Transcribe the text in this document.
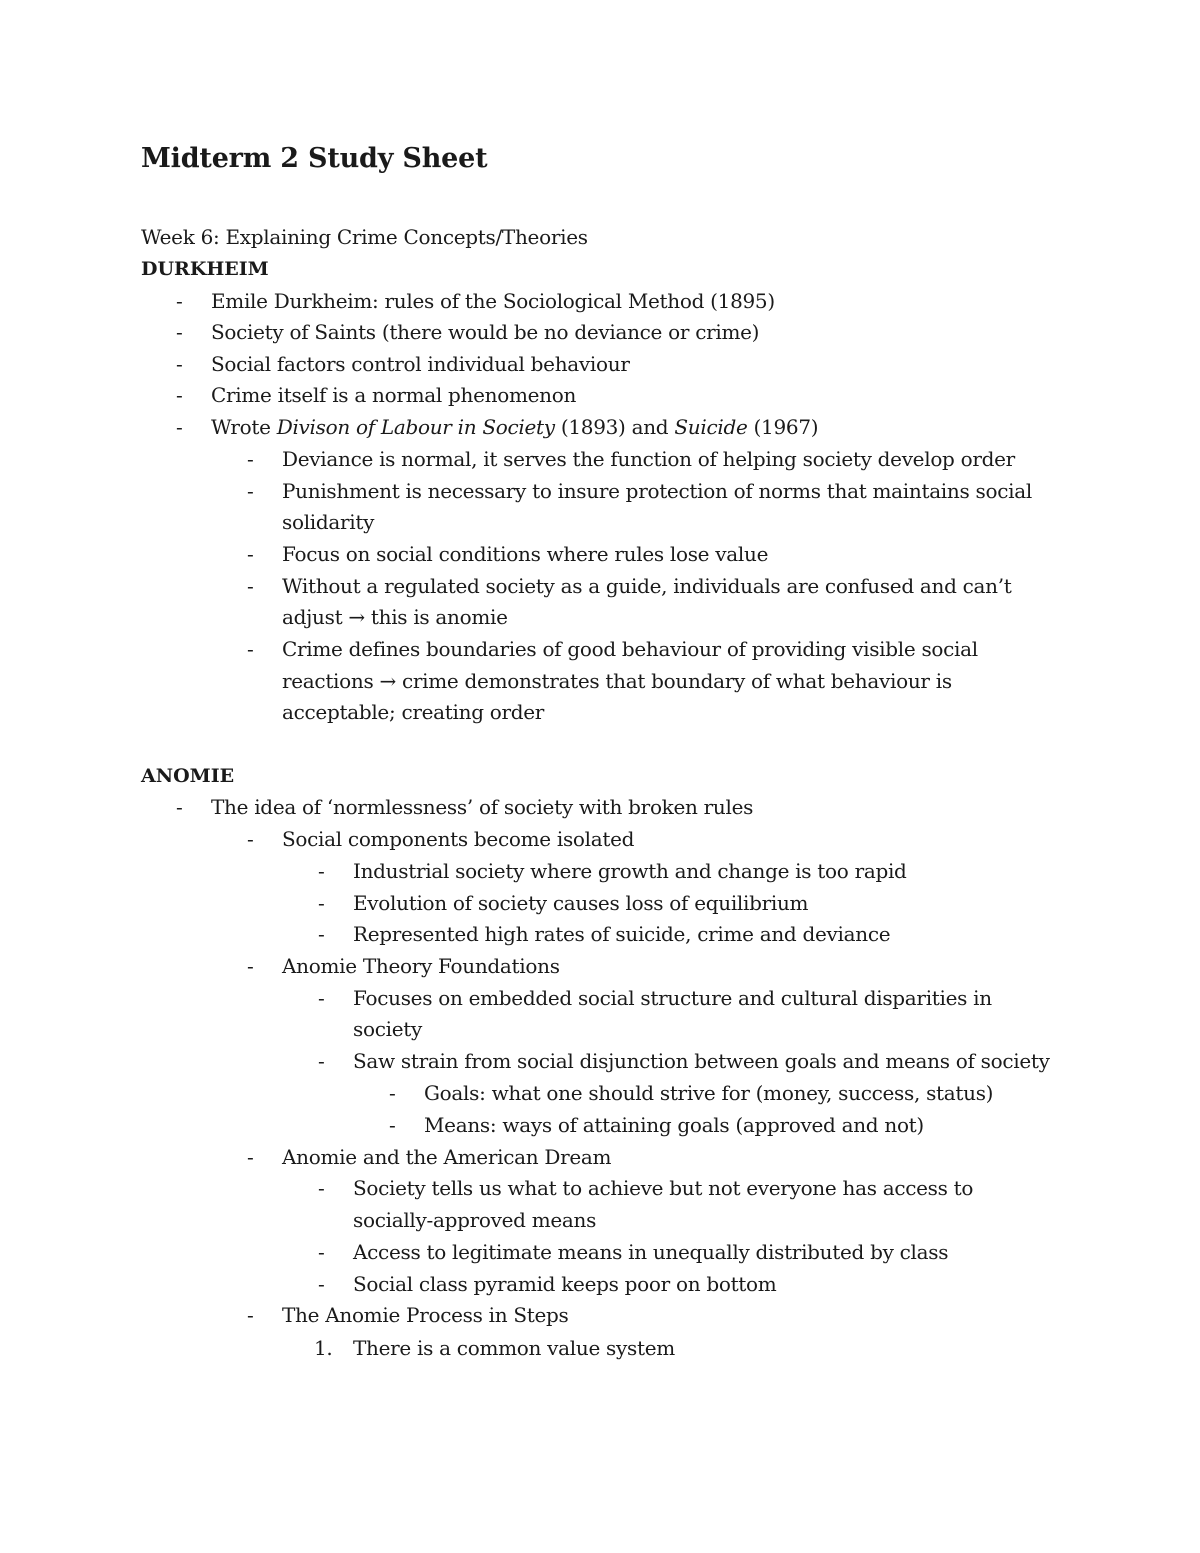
Midterm 2 Study Sheet
Week 6: Explaining Crime Concepts/Theories
DURKHEIM
- Emile Durkheim: rules of the Sociological Method (1895)
- Society of Saints (there would be no deviance or crime)
- Social factors control individual behaviour
- Crime itself is a normal phenomenon
- Wrote Divison of Labour in Society (1893) and Suicide (1967)
- Deviance is normal, it serves the function of helping society develop order
- Punishment is necessary to insure protection of norms that maintains social
solidarity
- Focus on social conditions where rules lose value
- Without a regulated society as a guide, individuals are confused and can’t
adjust → this is anomie
- Crime defines boundaries of good behaviour of providing visible social
reactions → crime demonstrates that boundary of what behaviour is
acceptable; creating order
ANOMIE
- The idea of ‘normlessness’ of society with broken rules
- Social components become isolated
- Industrial society where growth and change is too rapid
- Evolution of society causes loss of equilibrium
- Represented high rates of suicide, crime and deviance
- Anomie Theory Foundations
- Focuses on embedded social structure and cultural disparities in
society
- Saw strain from social disjunction between goals and means of society
- Goals: what one should strive for (money, success, status)
- Means: ways of attaining goals (approved and not)
- Anomie and the American Dream
- Society tells us what to achieve but not everyone has access to
socially-approved means
- Access to legitimate means in unequally distributed by class
- Social class pyramid keeps poor on bottom
- The Anomie Process in Steps
1. There is a common value system
